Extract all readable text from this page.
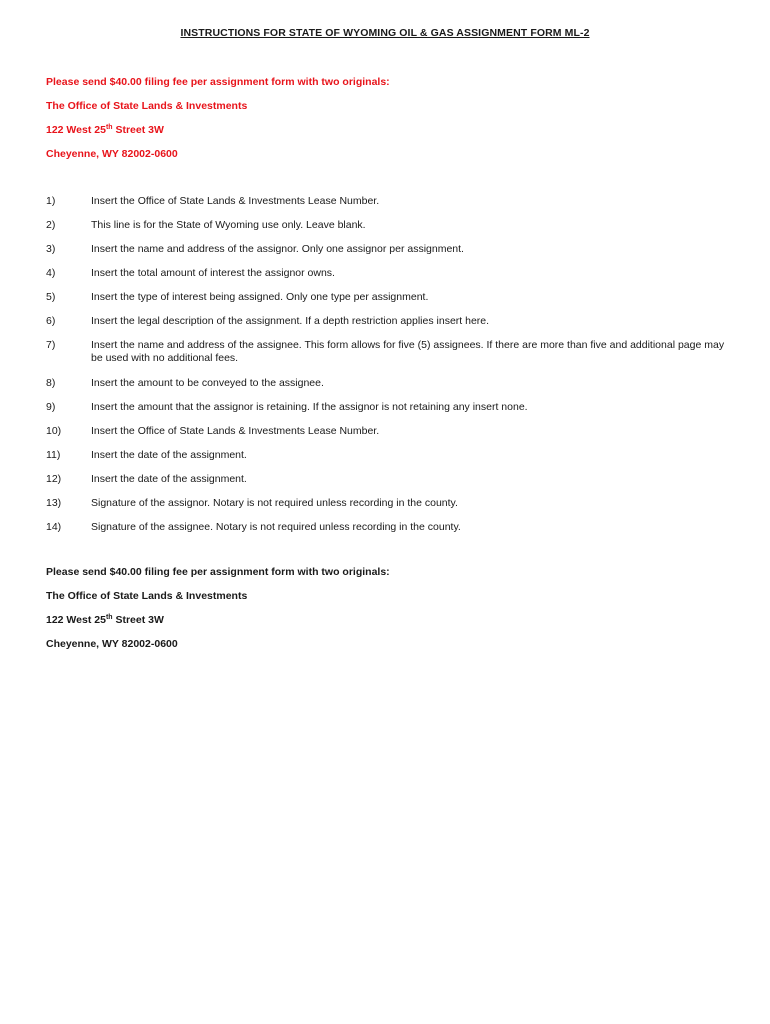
INSTRUCTIONS FOR STATE OF WYOMING OIL & GAS ASSIGNMENT FORM ML-2
Please send $40.00 filing fee per assignment form with two originals:
The Office of State Lands & Investments
122 West 25th Street 3W
Cheyenne, WY 82002-0600
1)	Insert the Office of State Lands & Investments Lease Number.
2)	This line is for the State of Wyoming use only. Leave blank.
3)	Insert the name and address of the assignor. Only one assignor per assignment.
4)	Insert the total amount of interest the assignor owns.
5)	Insert the type of interest being assigned. Only one type per assignment.
6)	Insert the legal description of the assignment. If a depth restriction applies insert here.
7)	Insert the name and address of the assignee. This form allows for five (5) assignees. If there are more than five and additional page may be used with no additional fees.
8)	Insert the amount to be conveyed to the assignee.
9)	Insert the amount that the assignor is retaining. If the assignor is not retaining any insert none.
10)	Insert the Office of State Lands & Investments Lease Number.
11)	Insert the date of the assignment.
12)	Insert the date of the assignment.
13)	Signature of the assignor. Notary is not required unless recording in the county.
14)	Signature of the assignee. Notary is not required unless recording in the county.
Please send $40.00 filing fee per assignment form with two originals:
The Office of State Lands & Investments
122 West 25th Street 3W
Cheyenne, WY 82002-0600
